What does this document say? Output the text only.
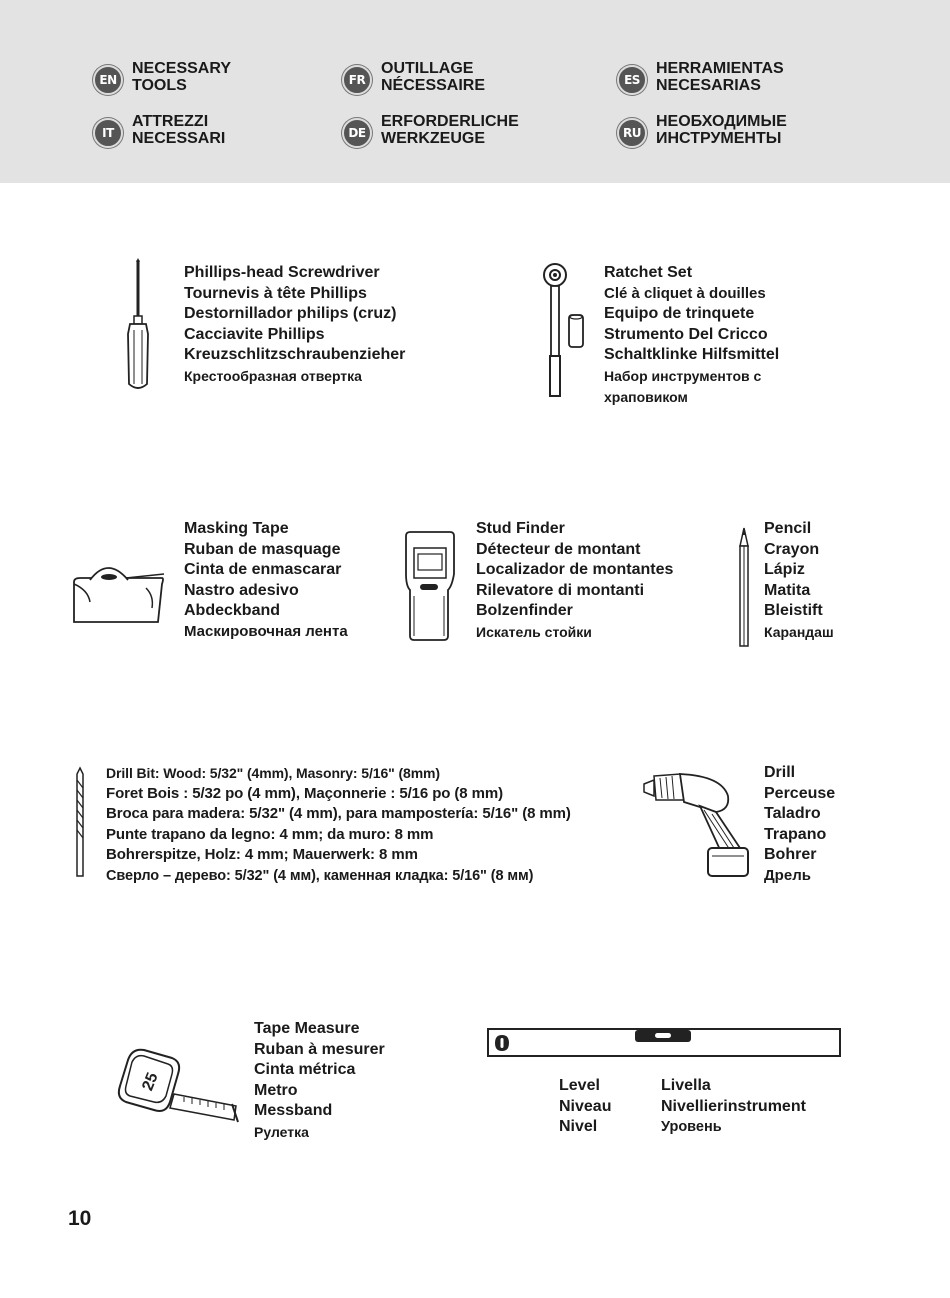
EN
NECESSARY
TOOLS	FR
OUTILLAGE
NÉCESSAIRE	ES
HERRAMIENTAS
NECESARIAS
IT
ATTREZZI
NECESSARI	DE
ERFORDERLICHE
WERKZEUGE	RU
НЕОБХОДИМЫЕ
ИНСТРУМЕНТЫ
Phillips-head Screwdriver
Tournevis à tête Phillips
Destornillador philips (cruz)
Cacciavite Phillips
Kreuzschlitzschraubenzieher
Крестообразная отвертка
Ratchet Set
Clé à cliquet à douilles
Equipo de trinquete
Strumento Del Cricco
Schaltklinke Hilfsmittel
Набор инструментов с храповиком
Masking Tape
Ruban de masquage
Cinta de enmascarar
Nastro adesivo
Abdeckband
Маскировочная лента
Stud Finder
Détecteur de montant
Localizador de montantes
Rilevatore di montanti
Bolzenfinder
Искатель стойки
Pencil
Crayon
Lápiz
Matita
Bleistift
Карандаш
Drill Bit: Wood: 5/32" (4mm), Masonry: 5/16" (8mm)
Foret Bois : 5/32 po (4 mm), Maçonnerie : 5/16 po (8 mm)
Broca para madera: 5/32" (4 mm), para mampostería: 5/16" (8 mm)
Punte trapano da legno: 4 mm; da muro: 8 mm
Bohrerspitze, Holz: 4 mm; Mauerwerk: 8 mm
Сверло – дерево: 5/32" (4 мм), каменная кладка: 5/16" (8 мм)
Drill
Perceuse
Taladro
Trapano
Bohrer
Дрель
25
Tape Measure
Ruban à mesurer
Cinta métrica
Metro
Messband
Рулетка
Level
Niveau
Nivel
Livella
Nivellierinstrument
Уровень
10
